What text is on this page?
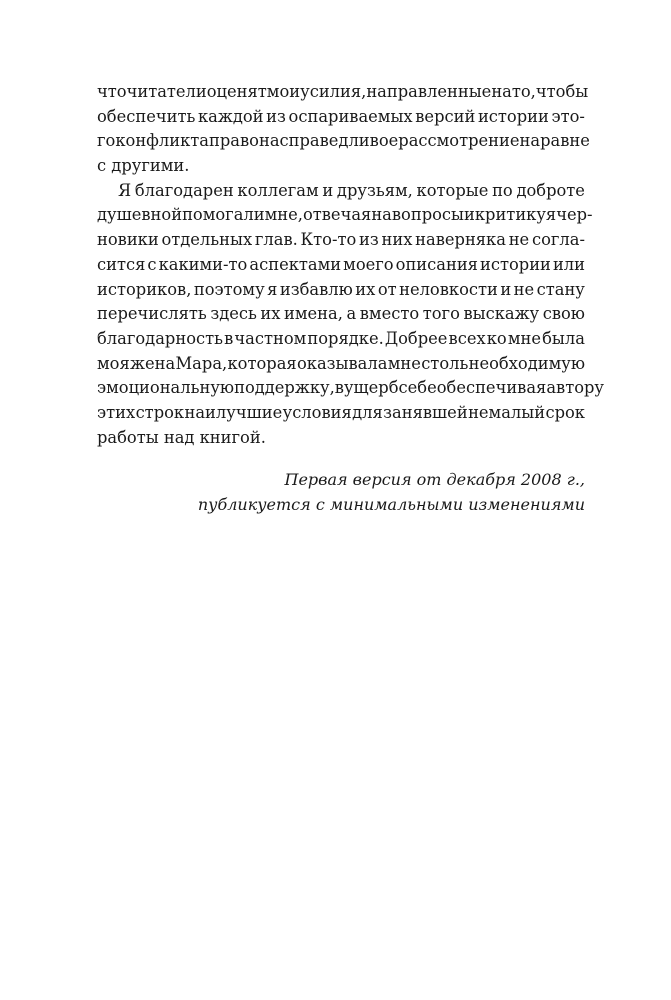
что читатели оценят мои усилия, направленные на то, чтобы
обеспечить каждой из оспариваемых версий истории это-
го конфликта право на справедливое рассмотрение наравне
с другими.
Я благодарен коллегам и друзьям, которые по доброте
душевной помогали мне, отвечая на вопросы и критикуя чер-
новики отдельных глав. Кто-то из них наверняка не согла-
сится с какими-то аспектами моего описания истории или
историков, поэтому я избавлю их от неловкости и не стану
перечислять здесь их имена, а вместо того выскажу свою
благодарность в частном порядке. Добрее всех ко мне была
моя жена Мара, которая оказывала мне столь необходимую
эмоциональную поддержку, в ущерб себе обеспечивая автору
этих строк наилучшие условия для занявшей немалый срок
работы над книгой.
Первая версия от декабря 2008 г.,
публикуется с минимальными изменениями
